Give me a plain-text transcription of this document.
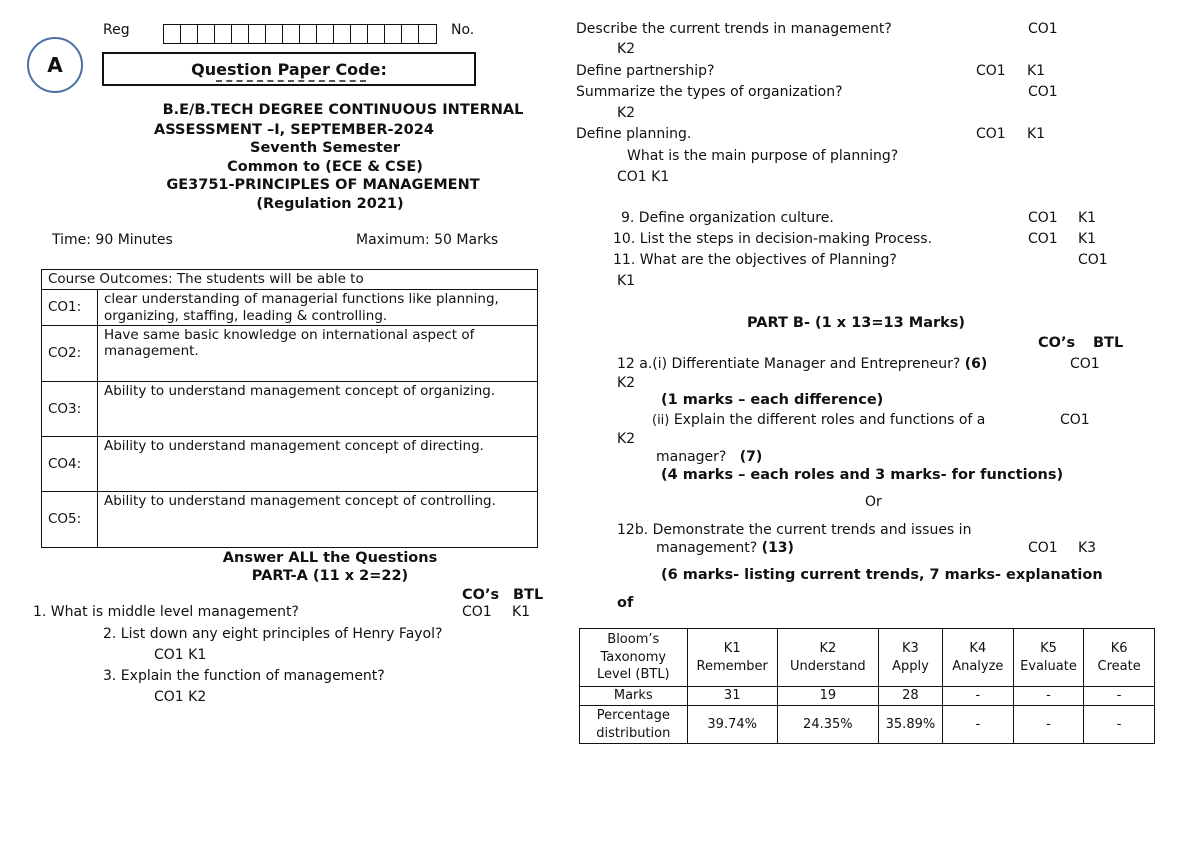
A
Reg	No.
Question Paper Code:
B.E/B.TECH DEGREE CONTINUOUS INTERNAL
ASSESSMENT –I, SEPTEMBER-2024
Seventh Semester
Common to (ECE & CSE)
GE3751-PRINCIPLES OF MANAGEMENT
(Regulation 2021)
Time: 90 Minutes	Maximum: 50 Marks
Course Outcomes: The students will be able to	
CO1:	clear understanding of managerial functions like planning, organizing, staffing, leading & controlling.
CO2:	Have same basic knowledge on international aspect of management.
CO3:	Ability to understand management concept of organizing.
CO4:	Ability to understand management concept of directing.
CO5:	Ability to understand management concept of controlling.
Answer ALL the Questions
PART-A (11 x 2=22)
CO’s BTL
1. What is middle level management?	CO1 K1
2. List down any eight principles of Henry Fayol?
CO1 K1
3. Explain the function of management?
CO1 K2
Describe the current trends in management?	CO1
K2
Define partnership?	CO1 K1
Summarize the types of organization?	CO1
K2
Define planning.	CO1 K1
What is the main purpose of planning?
CO1 K1
9. Define organization culture.	CO1 K1
10. List the steps in decision-making Process.	CO1 K1
11. What are the objectives of Planning?	CO1
K1
PART B- (1 x 13=13 Marks)
CO’s BTL
12 a.(i) Differentiate Manager and Entrepreneur? (6)	CO1
K2
(1 marks – each difference)
(ii) Explain the different roles and functions of a	CO1
K2
manager? (7)
(4 marks – each roles and 3 marks- for functions)
Or
12b. Demonstrate the current trends and issues in
management? (13)	CO1 K3
(6 marks- listing current trends, 7 marks- explanation
of
Bloom’s Taxonomy Level (BTL)	K1 Remember	K2 Understand	K3 Apply	K4 Analyze	K5 Evaluate	K6 Create
Marks	31	19	28	-	-	-
Percentage distribution	39.74%	24.35%	35.89%	-	-	-
